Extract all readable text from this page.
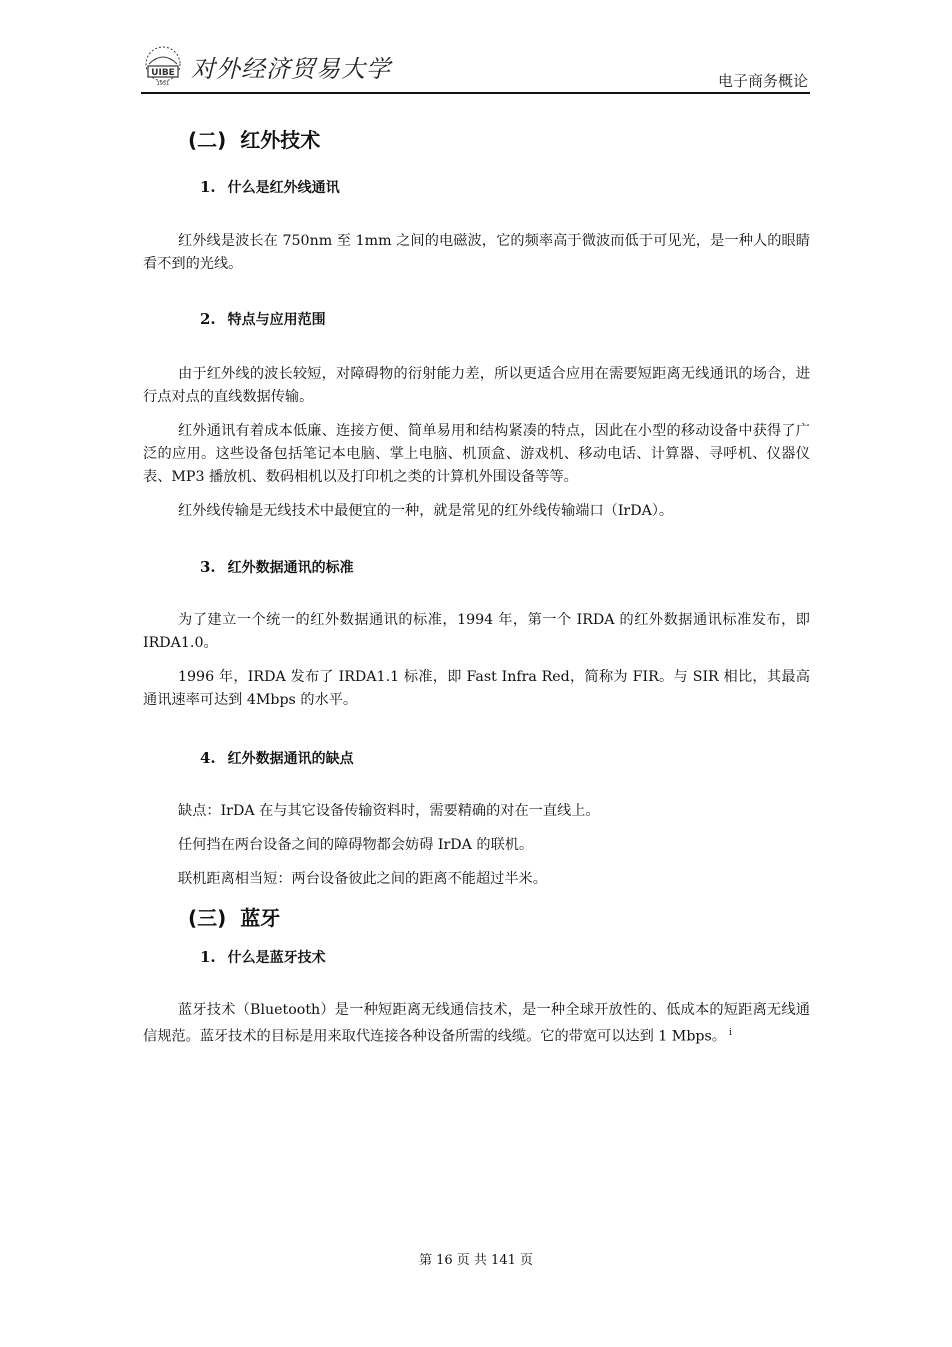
UIBE
1951
对外经济贸易大学	电子商务概论
(二) 红外技术
1. 什么是红外线通讯

红外线是波长在 750nm 至 1mm 之间的电磁波，它的频率高于微波而低于可见光，是一种人的眼睛看不到的光线。

2. 特点与应用范围

由于红外线的波长较短，对障碍物的衍射能力差，所以更适合应用在需要短距离无线通讯的场合，进行点对点的直线数据传输。

红外通讯有着成本低廉、连接方便、简单易用和结构紧凑的特点，因此在小型的移动设备中获得了广泛的应用。这些设备包括笔记本电脑、掌上电脑、机顶盒、游戏机、移动电话、计算器、寻呼机、仪器仪表、MP3 播放机、数码相机以及打印机之类的计算机外围设备等等。

红外线传输是无线技术中最便宜的一种，就是常见的红外线传输端口（IrDA）。

3. 红外数据通讯的标准

为了建立一个统一的红外数据通讯的标准，1994 年，第一个 IRDA 的红外数据通讯标准发布，即 IRDA1.0。

1996 年，IRDA 发布了 IRDA1.1 标准，即 Fast Infra Red，简称为 FIR。与 SIR 相比，其最高通讯速率可达到 4Mbps 的水平。

4. 红外数据通讯的缺点

缺点：IrDA 在与其它设备传输资料时，需要精确的对在一直线上。

任何挡在两台设备之间的障碍物都会妨碍 IrDA 的联机。

联机距离相当短：两台设备彼此之间的距离不能超过半米。

(三) 蓝牙
1. 什么是蓝牙技术

蓝牙技术（Bluetooth）是一种短距离无线通信技术，是一种全球开放性的、低成本的短距离无线通信规范。蓝牙技术的目标是用来取代连接各种设备所需的线缆。它的带宽可以达到 1 Mbps。 $^i$

第 16 页 共 141 页
